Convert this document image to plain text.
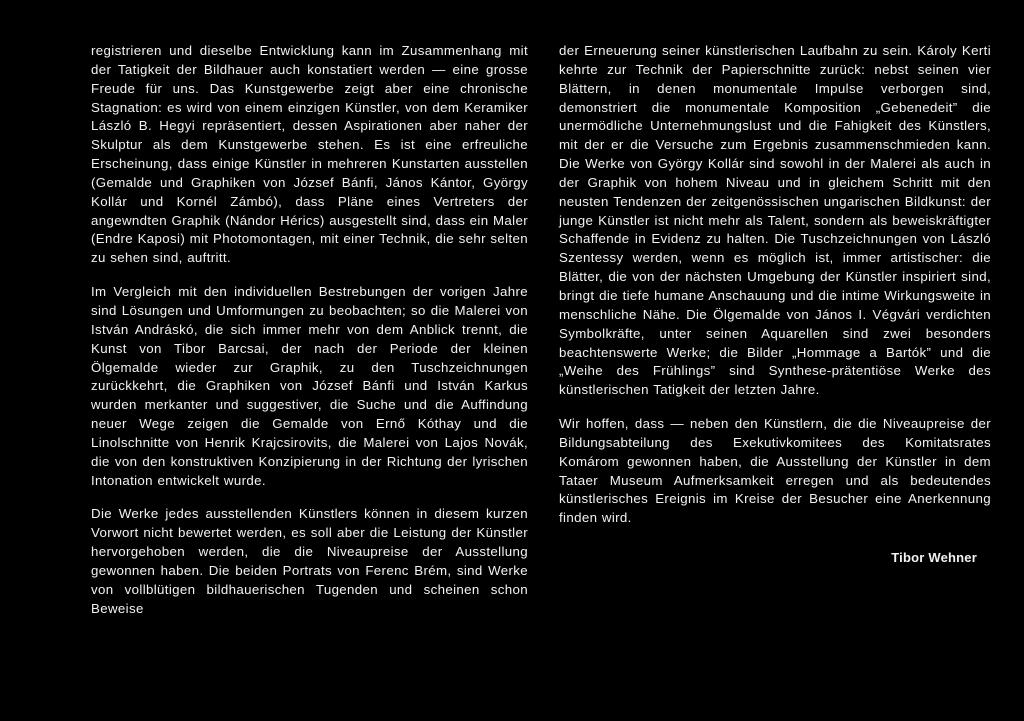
registrieren und dieselbe Entwicklung kann im Zusammenhang mit der Tatigkeit der Bildhauer auch konstatiert werden — eine grosse Freude für uns. Das Kunstgewerbe zeigt aber eine chronische Stagnation: es wird von einem einzigen Künstler, von dem Keramiker László B. Hegyi repräsentiert, dessen Aspirationen aber naher der Skulptur als dem Kunstgewerbe stehen. Es ist eine erfreuliche Erscheinung, dass einige Künstler in mehreren Kunstarten ausstellen (Gemalde und Graphiken von József Bánfi, János Kántor, György Kollár und Kornél Zámbó), dass Pläne eines Vertreters der angewndten Graphik (Nándor Hérics) ausgestellt sind, dass ein Maler (Endre Kaposi) mit Photomontagen, mit einer Technik, die sehr selten zu sehen sind, auftritt.

Im Vergleich mit den individuellen Bestrebungen der vorigen Jahre sind Lösungen und Umformungen zu beobachten; so die Malerei von István Andráskó, die sich immer mehr von dem Anblick trennt, die Kunst von Tibor Barcsai, der nach der Periode der kleinen Ölgemalde wieder zur Graphik, zu den Tuschzeichnungen zurückkehrt, die Graphiken von József Bánfi und István Karkus wurden merkanter und suggestiver, die Suche und die Auffindung neuer Wege zeigen die Gemalde von Ernő Kóthay und die Linolschnitte von Henrik Krajcsirovits, die Malerei von Lajos Novák, die von den konstruktiven Konzipierung in der Richtung der lyrischen Intonation entwickelt wurde.

Die Werke jedes ausstellenden Künstlers können in diesem kurzen Vorwort nicht bewertet werden, es soll aber die Leistung der Künstler hervorgehoben werden, die die Niveaupreise der Ausstellung gewonnen haben. Die beiden Portrats von Ferenc Brém, sind Werke von vollblütigen bildhauerischen Tugenden und scheinen schon Beweise

der Erneuerung seiner künstlerischen Laufbahn zu sein. Károly Kerti kehrte zur Technik der Papierschnitte zurück: nebst seinen vier Blättern, in denen monumentale Impulse verborgen sind, demonstriert die monumentale Komposition „Gebenedeit” die unermödliche Unternehmungslust und die Fahigkeit des Künstlers, mit der er die Versuche zum Ergebnis zusammenschmieden kann. Die Werke von György Kollár sind sowohl in der Malerei als auch in der Graphik von hohem Niveau und in gleichem Schritt mit den neusten Tendenzen der zeitgenössischen ungarischen Bildkunst: der junge Künstler ist nicht mehr als Talent, sondern als beweiskräftigter Schaffende in Evidenz zu halten. Die Tuschzeichnungen von László Szentessy werden, wenn es möglich ist, immer artistischer: die Blätter, die von der nächsten Umgebung der Künstler inspiriert sind, bringt die tiefe humane Anschauung und die intime Wirkungsweite in menschliche Nähe. Die Ölgemalde von János I. Végvári verdichten Symbolkräfte, unter seinen Aquarellen sind zwei besonders beachtenswerte Werke; die Bilder „Hommage a Bartók” und die „Weihe des Frühlings” sind Synthese-prätentiöse Werke des künstlerischen Tatigkeit der letzten Jahre.

Wir hoffen, dass — neben den Künstlern, die die Niveaupreise der Bildungsabteilung des Exekutivkomitees des Komitatsrates Komárom gewonnen haben, die Ausstellung der Künstler in dem Tataer Museum Aufmerksamkeit erregen und als bedeutendes künstlerisches Ereignis im Kreise der Besucher eine Anerkennung finden wird.

Tibor Wehner
